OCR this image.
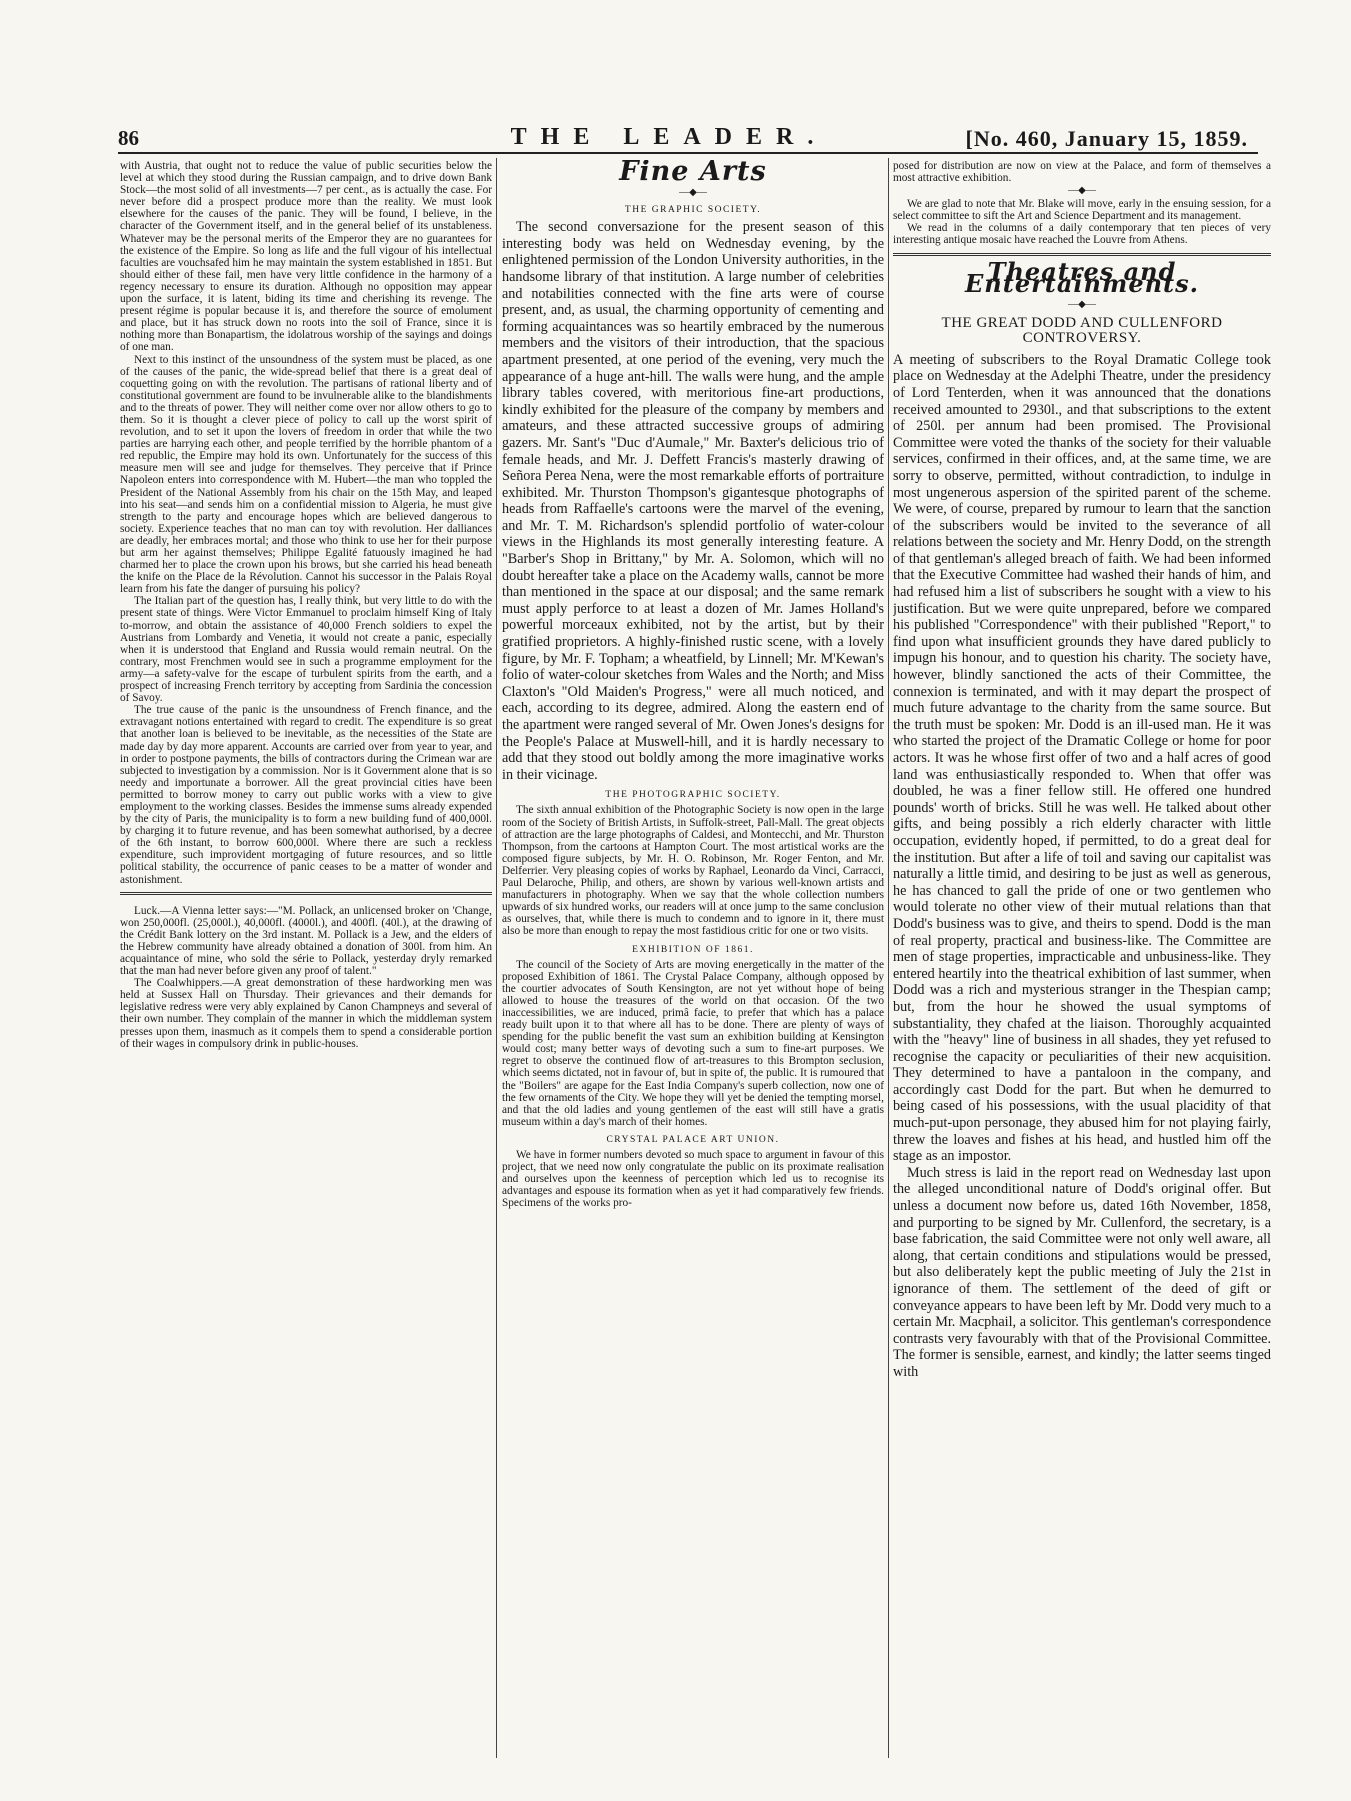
86	THE LEADER.	[No. 460, January 15, 1859.

with Austria, that ought not to reduce the value of public securities below the level at which they stood during the Russian campaign, and to drive down Bank Stock—the most solid of all investments—7 per cent., as is actually the case. For never before did a prospect produce more than the reality. We must look elsewhere for the causes of the panic. They will be found, I believe, in the character of the Government itself, and in the general belief of its unstableness. Whatever may be the personal merits of the Emperor they are no guarantees for the existence of the Empire. So long as life and the full vigour of his intellectual faculties are vouchsafed him he may maintain the system established in 1851. But should either of these fail, men have very little confidence in the harmony of a regency necessary to ensure its duration. Although no opposition may appear upon the surface, it is latent, biding its time and cherishing its revenge. The present régime is popular because it is, and therefore the source of emolument and place, but it has struck down no roots into the soil of France, since it is nothing more than Bonapartism, the idolatrous worship of the sayings and doings of one man.

Next to this instinct of the unsoundness of the system must be placed, as one of the causes of the panic, the wide-spread belief that there is a great deal of coquetting going on with the revolution. The partisans of rational liberty and of constitutional government are found to be invulnerable alike to the blandishments and to the threats of power. They will neither come over nor allow others to go to them. So it is thought a clever piece of policy to call up the worst spirit of revolution, and to set it upon the lovers of freedom in order that while the two parties are harrying each other, and people terrified by the horrible phantom of a red republic, the Empire may hold its own. Unfortunately for the success of this measure men will see and judge for themselves. They perceive that if Prince Napoleon enters into correspondence with M. Hubert—the man who toppled the President of the National Assembly from his chair on the 15th May, and leaped into his seat—and sends him on a confidential mission to Algeria, he must give strength to the party and encourage hopes which are believed dangerous to society. Experience teaches that no man can toy with revolution. Her dalliances are deadly, her embraces mortal; and those who think to use her for their purpose but arm her against themselves; Philippe Egalité fatuously imagined he had charmed her to place the crown upon his brows, but she carried his head beneath the knife on the Place de la Révolution. Cannot his successor in the Palais Royal learn from his fate the danger of pursuing his policy?

The Italian part of the question has, I really think, but very little to do with the present state of things. Were Victor Emmanuel to proclaim himself King of Italy to-morrow, and obtain the assistance of 40,000 French soldiers to expel the Austrians from Lombardy and Venetia, it would not create a panic, especially when it is understood that England and Russia would remain neutral. On the contrary, most Frenchmen would see in such a programme employment for the army—a safety-valve for the escape of turbulent spirits from the earth, and a prospect of increasing French territory by accepting from Sardinia the concession of Savoy.

The true cause of the panic is the unsoundness of French finance, and the extravagant notions entertained with regard to credit. The expenditure is so great that another loan is believed to be inevitable, as the necessities of the State are made day by day more apparent. Accounts are carried over from year to year, and in order to postpone payments, the bills of contractors during the Crimean war are subjected to investigation by a commission. Nor is it Government alone that is so needy and importunate a borrower. All the great provincial cities have been permitted to borrow money to carry out public works with a view to give employment to the working classes. Besides the immense sums already expended by the city of Paris, the municipality is to form a new building fund of 400,000l. by charging it to future revenue, and has been somewhat authorised, by a decree of the 6th instant, to borrow 600,000l. Where there are such a reckless expenditure, such improvident mortgaging of future resources, and so little political stability, the occurrence of panic ceases to be a matter of wonder and astonishment.

Luck.—A Vienna letter says:—"M. Pollack, an unlicensed broker on 'Change, won 250,000fl. (25,000l.), 40,000fl. (4000l.), and 400fl. (40l.), at the drawing of the Crédit Bank lottery on the 3rd instant. M. Pollack is a Jew, and the elders of the Hebrew community have already obtained a donation of 300l. from him. An acquaintance of mine, who sold the série to Pollack, yesterday dryly remarked that the man had never before given any proof of talent."

The Coalwhippers.—A great demonstration of these hardworking men was held at Sussex Hall on Thursday. Their grievances and their demands for legislative redress were very ably explained by Canon Champneys and several of their own number. They complain of the manner in which the middleman system presses upon them, inasmuch as it compels them to spend a considerable portion of their wages in compulsory drink in public-houses.

Fine Arts
—◆—
THE GRAPHIC SOCIETY.

The second conversazione for the present season of this interesting body was held on Wednesday evening, by the enlightened permission of the London University authorities, in the handsome library of that institution. A large number of celebrities and notabilities connected with the fine arts were of course present, and, as usual, the charming opportunity of cementing and forming acquaintances was so heartily embraced by the numerous members and the visitors of their introduction, that the spacious apartment presented, at one period of the evening, very much the appearance of a huge ant-hill. The walls were hung, and the ample library tables covered, with meritorious fine-art productions, kindly exhibited for the pleasure of the company by members and amateurs, and these attracted successive groups of admiring gazers. Mr. Sant's "Duc d'Aumale," Mr. Baxter's delicious trio of female heads, and Mr. J. Deffett Francis's masterly drawing of Señora Perea Nena, were the most remarkable efforts of portraiture exhibited. Mr. Thurston Thompson's gigantesque photographs of heads from Raffaelle's cartoons were the marvel of the evening, and Mr. T. M. Richardson's splendid portfolio of water-colour views in the Highlands its most generally interesting feature. A "Barber's Shop in Brittany," by Mr. A. Solomon, which will no doubt hereafter take a place on the Academy walls, cannot be more than mentioned in the space at our disposal; and the same remark must apply perforce to at least a dozen of Mr. James Holland's powerful morceaux exhibited, not by the artist, but by their gratified proprietors. A highly-finished rustic scene, with a lovely figure, by Mr. F. Topham; a wheatfield, by Linnell; Mr. M'Kewan's folio of water-colour sketches from Wales and the North; and Miss Claxton's "Old Maiden's Progress," were all much noticed, and each, according to its degree, admired. Along the eastern end of the apartment were ranged several of Mr. Owen Jones's designs for the People's Palace at Muswell-hill, and it is hardly necessary to add that they stood out boldly among the more imaginative works in their vicinage.

THE PHOTOGRAPHIC SOCIETY.

The sixth annual exhibition of the Photographic Society is now open in the large room of the Society of British Artists, in Suffolk-street, Pall-Mall. The great objects of attraction are the large photographs of Caldesi, and Montecchi, and Mr. Thurston Thompson, from the cartoons at Hampton Court. The most artistical works are the composed figure subjects, by Mr. H. O. Robinson, Mr. Roger Fenton, and Mr. Delferrier. Very pleasing copies of works by Raphael, Leonardo da Vinci, Carracci, Paul Delaroche, Philip, and others, are shown by various well-known artists and manufacturers in photography. When we say that the whole collection numbers upwards of six hundred works, our readers will at once jump to the same conclusion as ourselves, that, while there is much to condemn and to ignore in it, there must also be more than enough to repay the most fastidious critic for one or two visits.

EXHIBITION OF 1861.

The council of the Society of Arts are moving energetically in the matter of the proposed Exhibition of 1861. The Crystal Palace Company, although opposed by the courtier advocates of South Kensington, are not yet without hope of being allowed to house the treasures of the world on that occasion. Of the two inaccessibilities, we are induced, primâ facie, to prefer that which has a palace ready built upon it to that where all has to be done. There are plenty of ways of spending for the public benefit the vast sum an exhibition building at Kensington would cost; many better ways of devoting such a sum to fine-art purposes. We regret to observe the continued flow of art-treasures to this Brompton seclusion, which seems dictated, not in favour of, but in spite of, the public. It is rumoured that the "Boilers" are agape for the East India Company's superb collection, now one of the few ornaments of the City. We hope they will yet be denied the tempting morsel, and that the old ladies and young gentlemen of the east will still have a gratis museum within a day's march of their homes.

CRYSTAL PALACE ART UNION.

We have in former numbers devoted so much space to argument in favour of this project, that we need now only congratulate the public on its proximate realisation and ourselves upon the keenness of perception which led us to recognise its advantages and espouse its formation when as yet it had comparatively few friends. Specimens of the works pro-

posed for distribution are now on view at the Palace, and form of themselves a most attractive exhibition.

—◆—

We are glad to note that Mr. Blake will move, early in the ensuing session, for a select committee to sift the Art and Science Department and its management.

We read in the columns of a daily contemporary that ten pieces of very interesting antique mosaic have reached the Louvre from Athens.

Theatres and Entertainments.
—◆—
THE GREAT DODD AND CULLENFORD CONTROVERSY.

A meeting of subscribers to the Royal Dramatic College took place on Wednesday at the Adelphi Theatre, under the presidency of Lord Tenterden, when it was announced that the donations received amounted to 2930l., and that subscriptions to the extent of 250l. per annum had been promised. The Provisional Committee were voted the thanks of the society for their valuable services, confirmed in their offices, and, at the same time, we are sorry to observe, permitted, without contradiction, to indulge in most ungenerous aspersion of the spirited parent of the scheme. We were, of course, prepared by rumour to learn that the sanction of the subscribers would be invited to the severance of all relations between the society and Mr. Henry Dodd, on the strength of that gentleman's alleged breach of faith. We had been informed that the Executive Committee had washed their hands of him, and had refused him a list of subscribers he sought with a view to his justification. But we were quite unprepared, before we compared his published "Correspondence" with their published "Report," to find upon what insufficient grounds they have dared publicly to impugn his honour, and to question his charity. The society have, however, blindly sanctioned the acts of their Committee, the connexion is terminated, and with it may depart the prospect of much future advantage to the charity from the same source. But the truth must be spoken: Mr. Dodd is an ill-used man. He it was who started the project of the Dramatic College or home for poor actors. It was he whose first offer of two and a half acres of good land was enthusiastically responded to. When that offer was doubled, he was a finer fellow still. He offered one hundred pounds' worth of bricks. Still he was well. He talked about other gifts, and being possibly a rich elderly character with little occupation, evidently hoped, if permitted, to do a great deal for the institution. But after a life of toil and saving our capitalist was naturally a little timid, and desiring to be just as well as generous, he has chanced to gall the pride of one or two gentlemen who would tolerate no other view of their mutual relations than that Dodd's business was to give, and theirs to spend. Dodd is the man of real property, practical and business-like. The Committee are men of stage properties, impracticable and unbusiness-like. They entered heartily into the theatrical exhibition of last summer, when Dodd was a rich and mysterious stranger in the Thespian camp; but, from the hour he showed the usual symptoms of substantiality, they chafed at the liaison. Thoroughly acquainted with the "heavy" line of business in all shades, they yet refused to recognise the capacity or peculiarities of their new acquisition. They determined to have a pantaloon in the company, and accordingly cast Dodd for the part. But when he demurred to being cased of his possessions, with the usual placidity of that much-put-upon personage, they abused him for not playing fairly, threw the loaves and fishes at his head, and hustled him off the stage as an impostor.

Much stress is laid in the report read on Wednesday last upon the alleged unconditional nature of Dodd's original offer. But unless a document now before us, dated 16th November, 1858, and purporting to be signed by Mr. Cullenford, the secretary, is a base fabrication, the said Committee were not only well aware, all along, that certain conditions and stipulations would be pressed, but also deliberately kept the public meeting of July the 21st in ignorance of them. The settlement of the deed of gift or conveyance appears to have been left by Mr. Dodd very much to a certain Mr. Macphail, a solicitor. This gentleman's correspondence contrasts very favourably with that of the Provisional Committee. The former is sensible, earnest, and kindly; the latter seems tinged with
